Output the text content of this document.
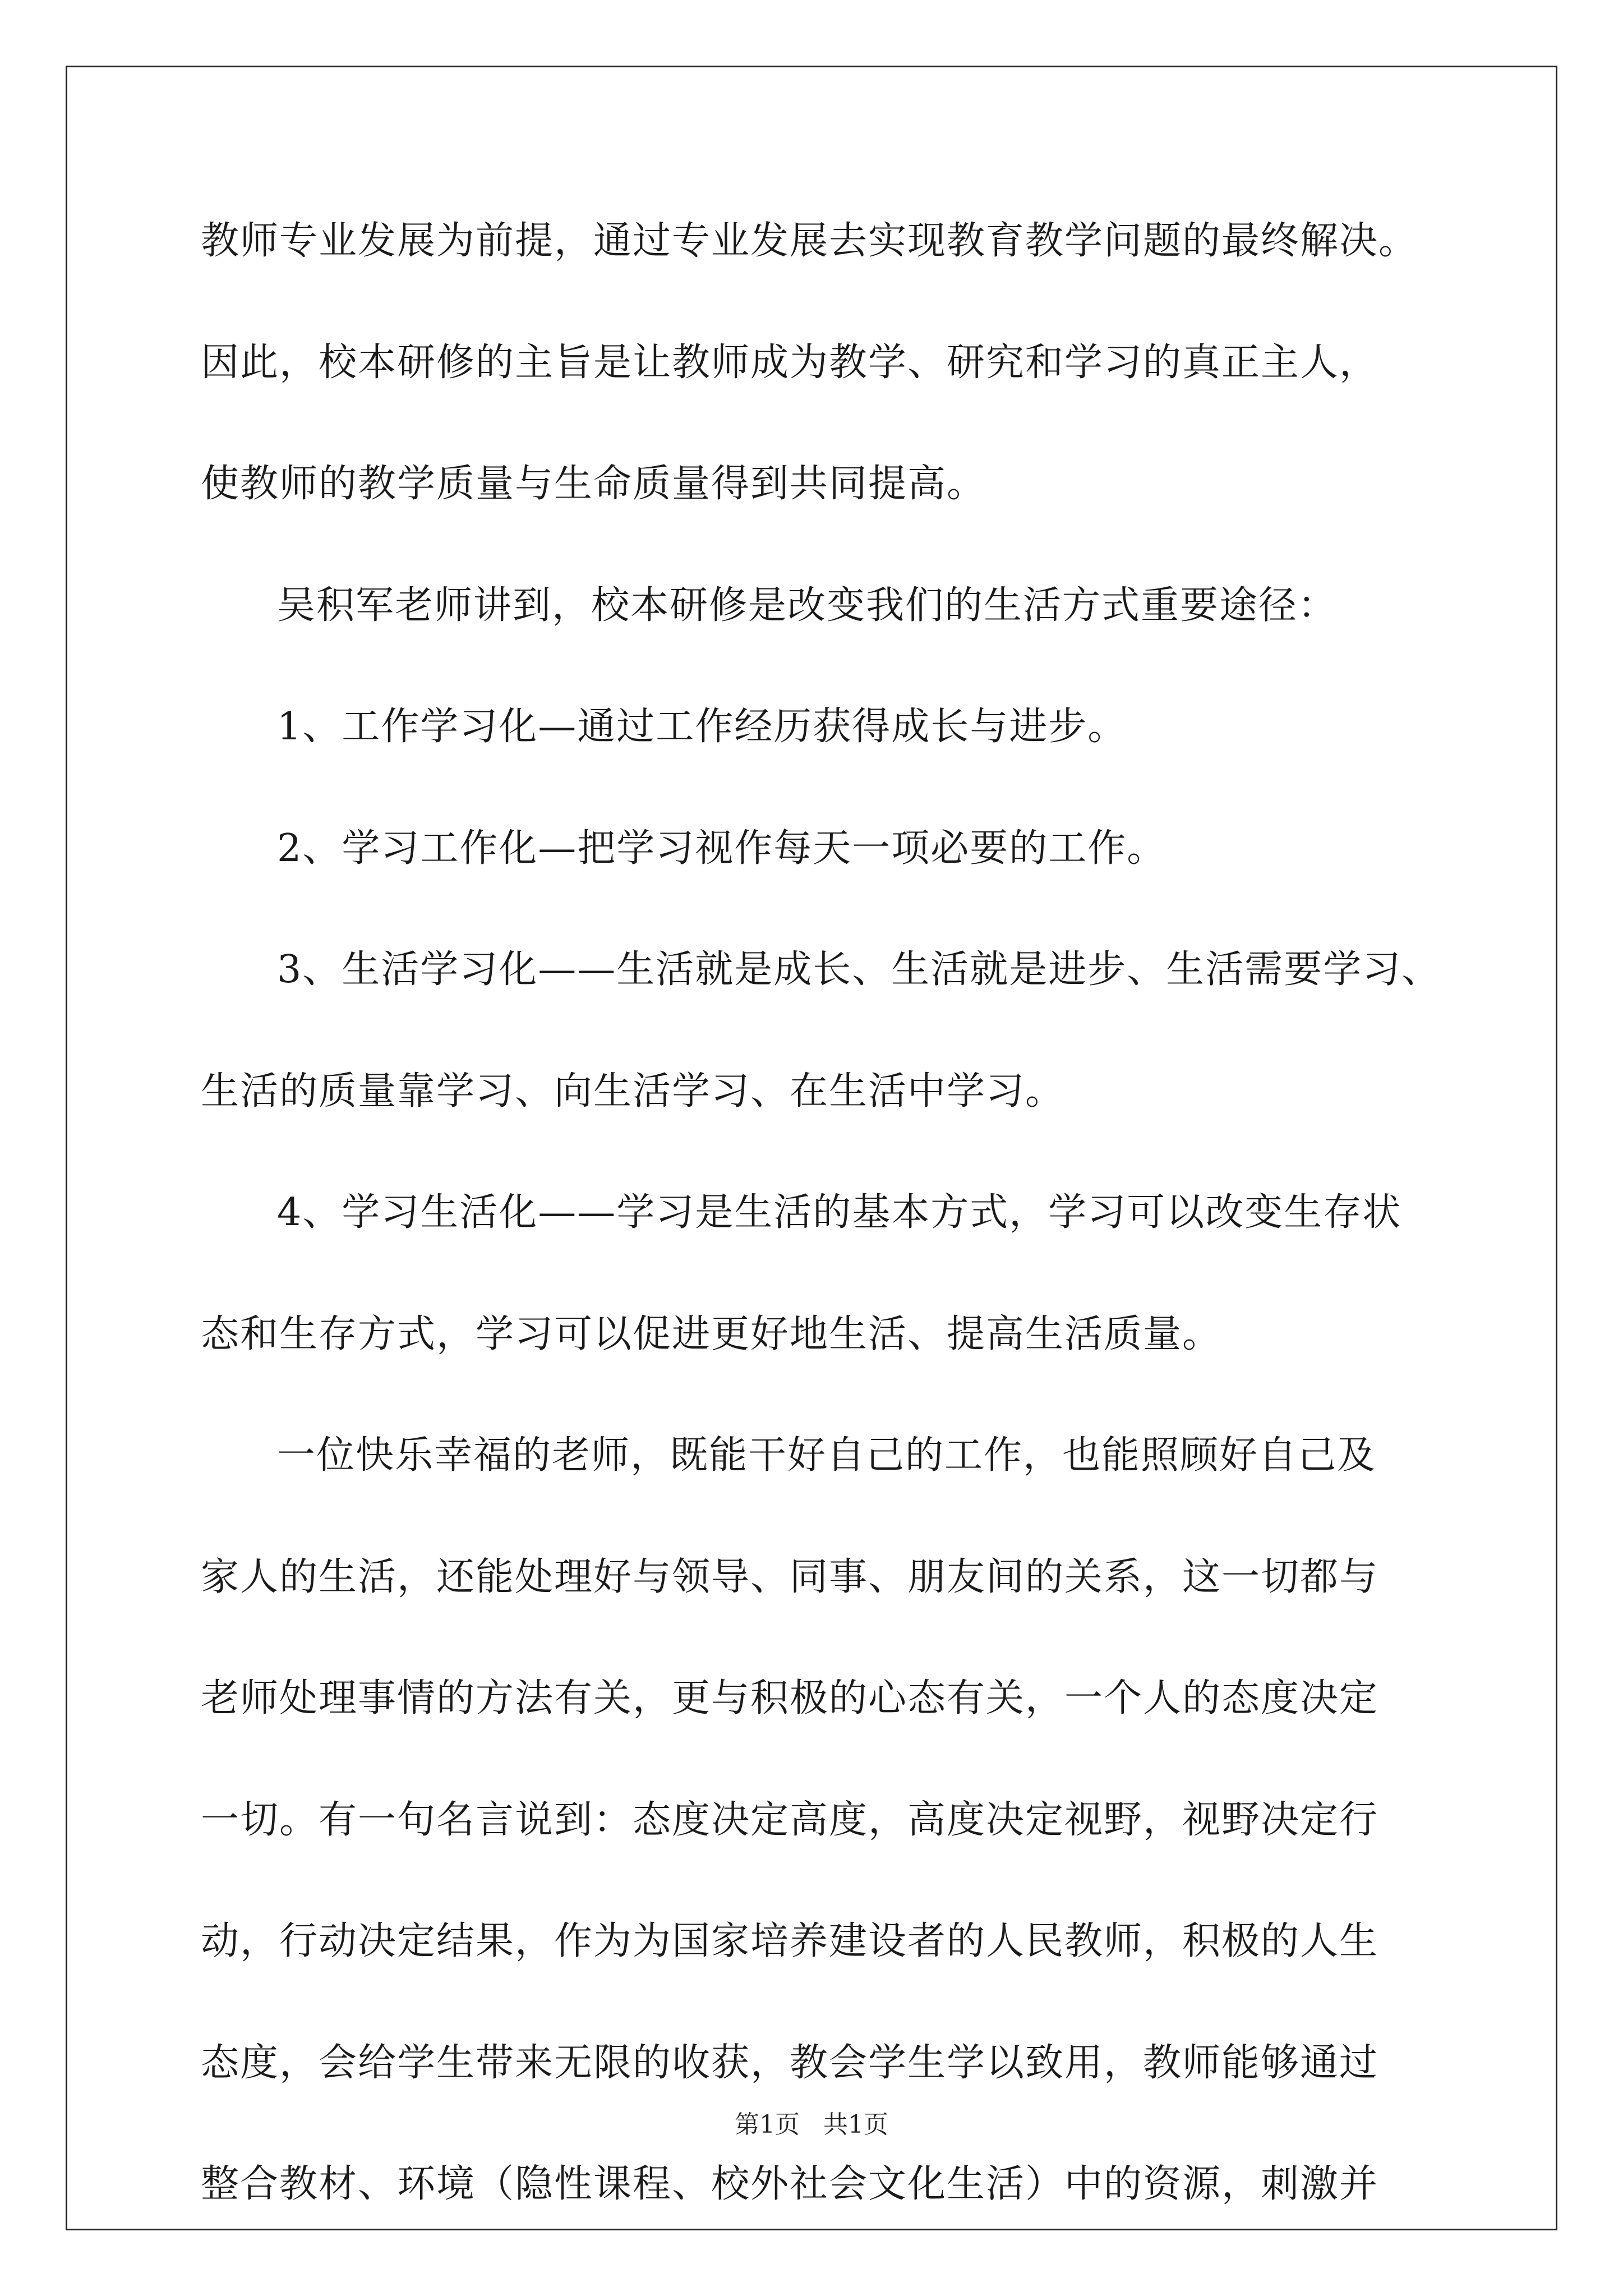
教师专业发展为前提，通过专业发展去实现教育教学问题的最终解决。
因此，校本研修的主旨是让教师成为教学、研究和学习的真正主人，
使教师的教学质量与生命质量得到共同提高。
吴积军老师讲到，校本研修是改变我们的生活方式重要途径：
1、工作学习化—通过工作经历获得成长与进步。
2、学习工作化—把学习视作每天一项必要的工作。
3、生活学习化——生活就是成长、生活就是进步、生活需要学习、
生活的质量靠学习、向生活学习、在生活中学习。
4、学习生活化——学习是生活的基本方式，学习可以改变生存状
态和生存方式，学习可以促进更好地生活、提高生活质量。
一位快乐幸福的老师，既能干好自己的工作，也能照顾好自己及
家人的生活，还能处理好与领导、同事、朋友间的关系，这一切都与
老师处理事情的方法有关，更与积极的心态有关，一个人的态度决定
一切。有一句名言说到：态度决定高度，高度决定视野，视野决定行
动，行动决定结果，作为为国家培养建设者的人民教师，积极的人生
态度，会给学生带来无限的收获，教会学生学以致用，教师能够通过
整合教材、环境（隐性课程、校外社会文化生活）中的资源，刺激并
第1页 共1页
